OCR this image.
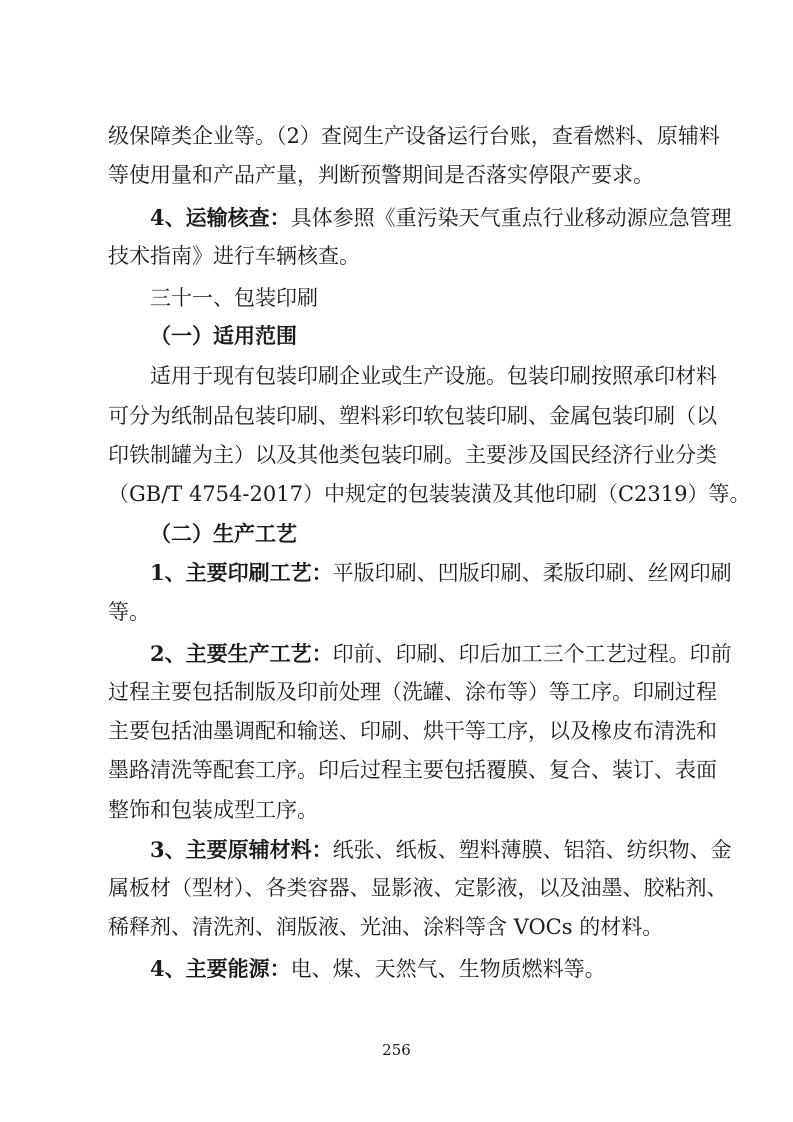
级保障类企业等。（2）查阅生产设备运行台账，查看燃料、原辅料
等使用量和产品产量，判断预警期间是否落实停限产要求。
4、运输核查：具体参照《重污染天气重点行业移动源应急管理
技术指南》进行车辆核查。
三十一、包装印刷
（一）适用范围
适用于现有包装印刷企业或生产设施。包装印刷按照承印材料
可分为纸制品包装印刷、塑料彩印软包装印刷、金属包装印刷（以
印铁制罐为主）以及其他类包装印刷。主要涉及国民经济行业分类
（GB/T 4754-2017）中规定的包装装潢及其他印刷（C2319）等。
（二）生产工艺
1、主要印刷工艺：平版印刷、凹版印刷、柔版印刷、丝网印刷
等。
2、主要生产工艺：印前、印刷、印后加工三个工艺过程。印前
过程主要包括制版及印前处理（洗罐、涂布等）等工序。印刷过程
主要包括油墨调配和输送、印刷、烘干等工序，以及橡皮布清洗和
墨路清洗等配套工序。印后过程主要包括覆膜、复合、装订、表面
整饰和包装成型工序。
3、主要原辅材料：纸张、纸板、塑料薄膜、铝箔、纺织物、金
属板材（型材）、各类容器、显影液、定影液，以及油墨、胶粘剂、
稀释剂、清洗剂、润版液、光油、涂料等含 VOCs 的材料。
4、主要能源：电、煤、天然气、生物质燃料等。
256
